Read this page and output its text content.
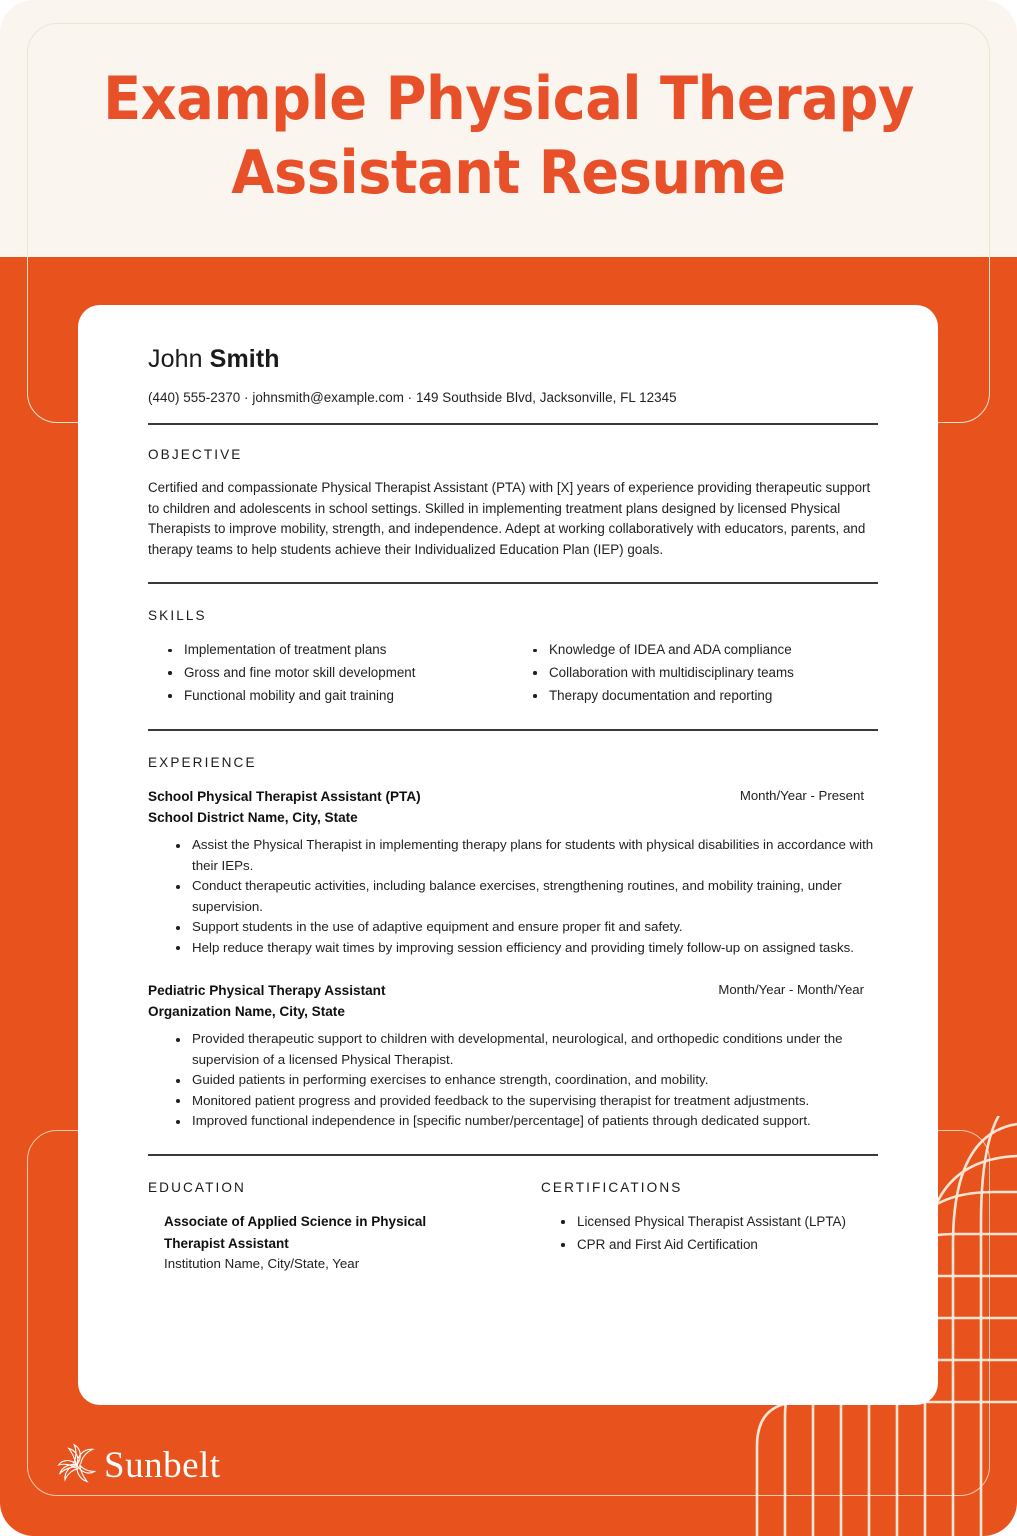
Example Physical Therapy Assistant Resume
John Smith
(440) 555-2370 · johnsmith@example.com · 149 Southside Blvd, Jacksonville, FL 12345
OBJECTIVE

Certified and compassionate Physical Therapist Assistant (PTA) with [X] years of experience providing therapeutic support to children and adolescents in school settings. Skilled in implementing treatment plans designed by licensed Physical Therapists to improve mobility, strength, and independence. Adept at working collaboratively with educators, parents, and therapy teams to help students achieve their Individualized Education Plan (IEP) goals.

SKILLS
Implementation of treatment plans
Gross and fine motor skill development
Functional mobility and gait training
Knowledge of IDEA and ADA compliance
Collaboration with multidisciplinary teams
Therapy documentation and reporting
EXPERIENCE
School Physical Therapist Assistant (PTA)
School District Name, City, State
Month/Year - Present
Assist the Physical Therapist in implementing therapy plans for students with physical disabilities in accordance with their IEPs.
Conduct therapeutic activities, including balance exercises, strengthening routines, and mobility training, under supervision.
Support students in the use of adaptive equipment and ensure proper fit and safety.
Help reduce therapy wait times by improving session efficiency and providing timely follow-up on assigned tasks.
Pediatric Physical Therapy Assistant
Organization Name, City, State
Month/Year - Month/Year
Provided therapeutic support to children with developmental, neurological, and orthopedic conditions under the supervision of a licensed Physical Therapist.
Guided patients in performing exercises to enhance strength, coordination, and mobility.
Monitored patient progress and provided feedback to the supervising therapist for treatment adjustments.
Improved functional independence in [specific number/percentage] of patients through dedicated support.
EDUCATION
Associate of Applied Science in Physical Therapist Assistant
Institution Name, City/State, Year
CERTIFICATIONS
Licensed Physical Therapist Assistant (LPTA)
CPR and First Aid Certification
Sunbelt
